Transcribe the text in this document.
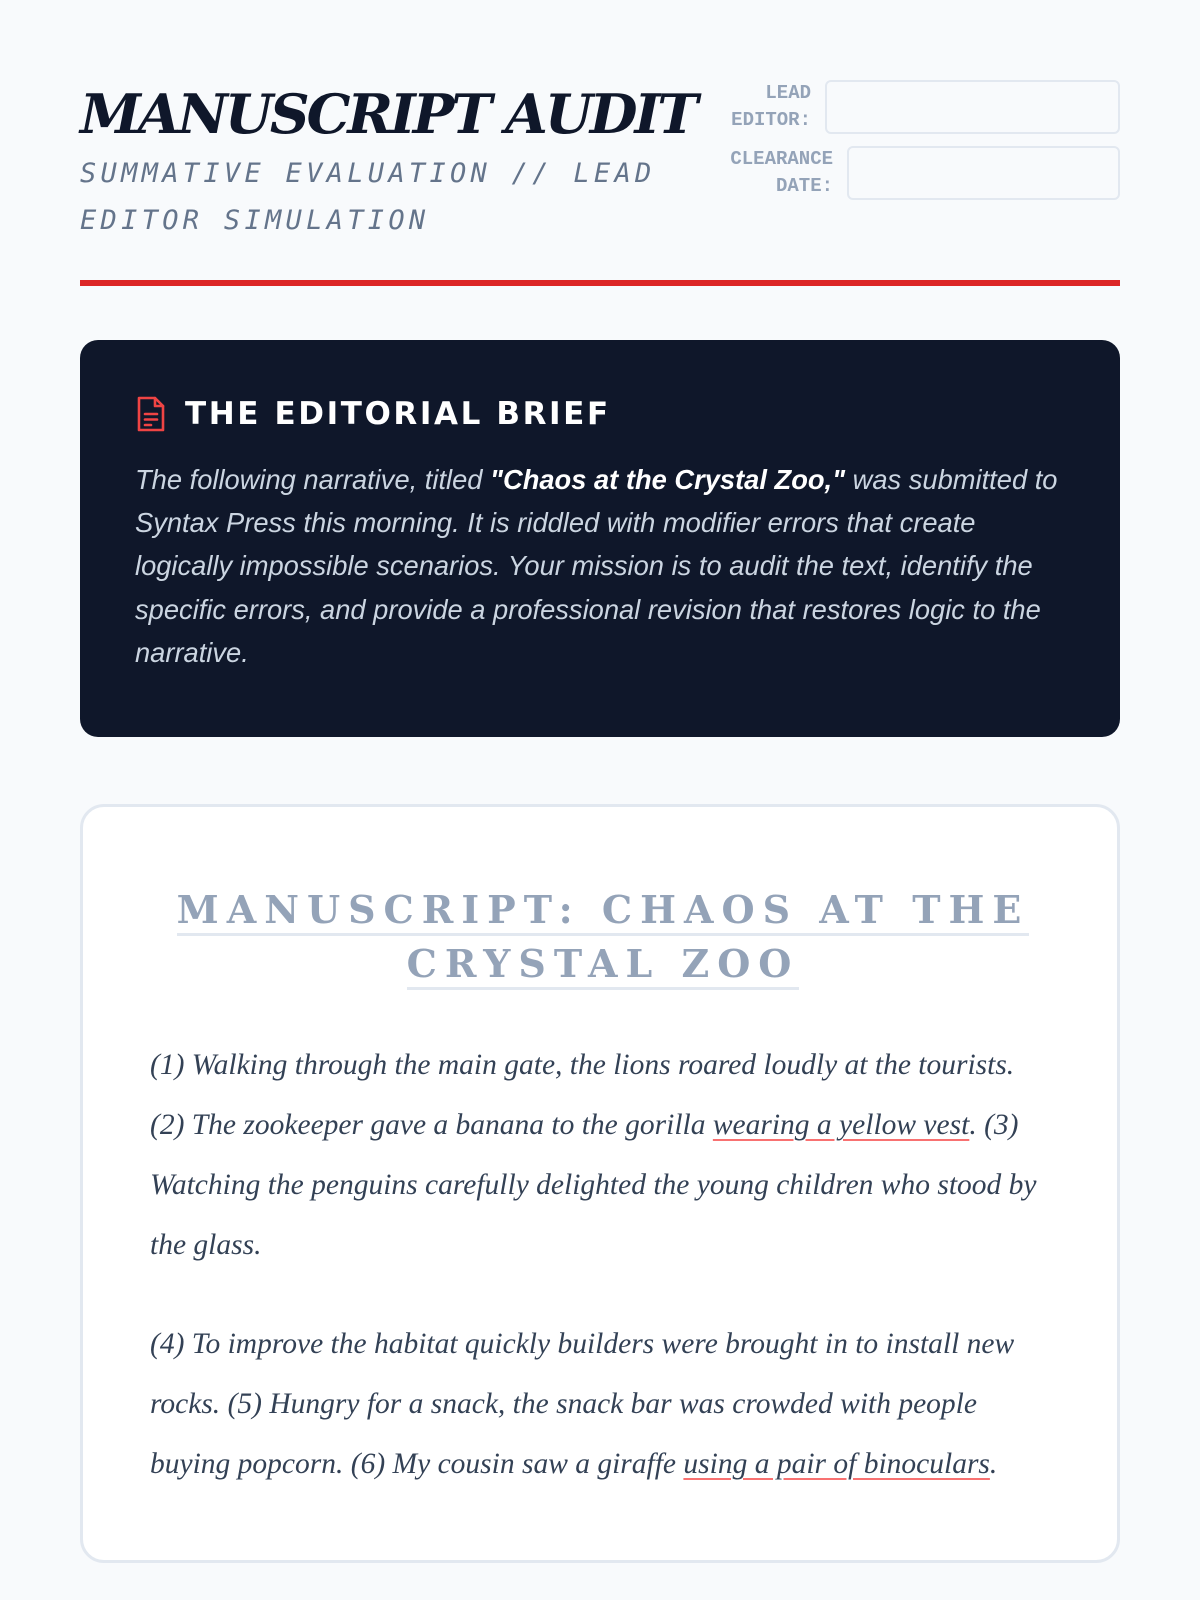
MANUSCRIPT AUDIT
SUMMATIVE EVALUATION // LEAD EDITOR SIMULATION
LEAD EDITOR:
CLEARANCE DATE:
THE EDITORIAL BRIEF

The following narrative, titled "Chaos at the Crystal Zoo," was submitted to Syntax Press this morning. It is riddled with modifier errors that create logically impossible scenarios. Your mission is to audit the text, identify the specific errors, and provide a professional revision that restores logic to the narrative.

MANUSCRIPT: CHAOS AT THE
CRYSTAL ZOO

(1) Walking through the main gate, the lions roared loudly at the tourists. (2) The zookeeper gave a banana to the gorilla wearing a yellow vest. (3) Watching the penguins carefully delighted the young children who stood by the glass.

(4) To improve the habitat quickly builders were brought in to install new rocks. (5) Hungry for a snack, the snack bar was crowded with people buying popcorn. (6) My cousin saw a giraffe using a pair of binoculars.
